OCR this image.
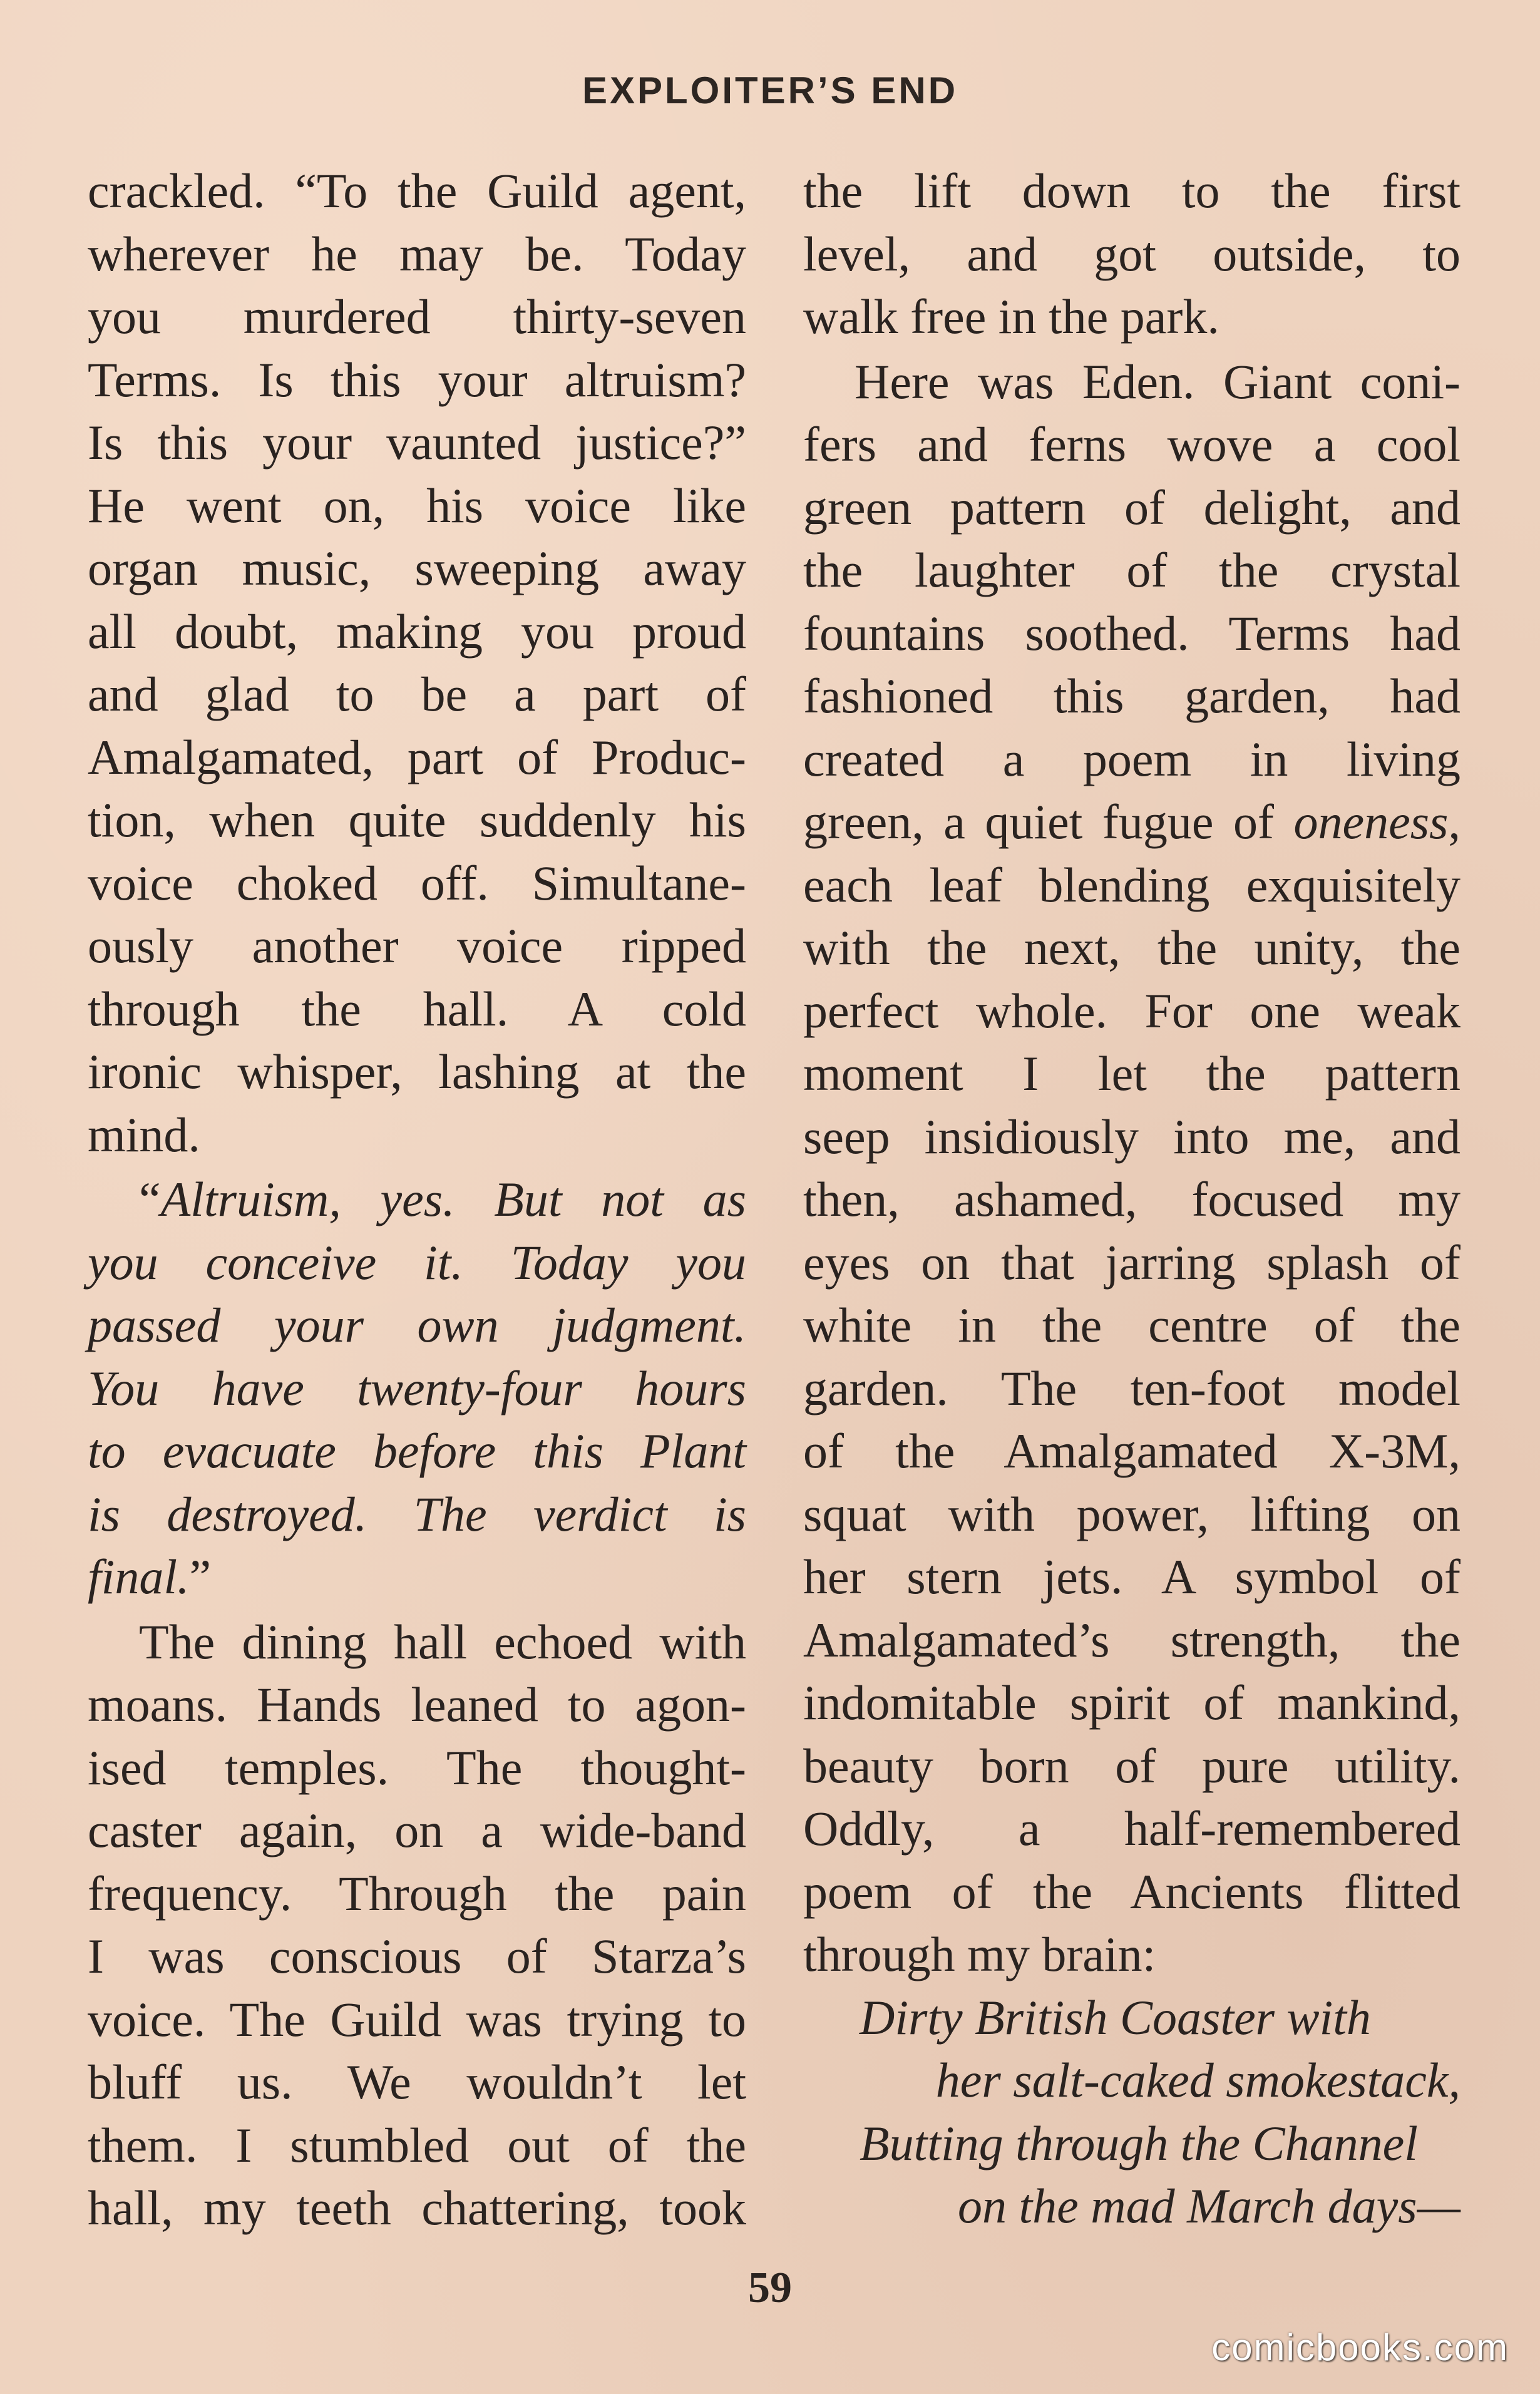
EXPLOITER’S END

crackled. “To the Guild agent,
wherever he may be. Today
you murdered thirty-seven
Terms. Is this your altruism?
Is this your vaunted justice?”
He went on, his voice like
organ music, sweeping away
all doubt, making you proud
and glad to be a part of
Amalgamated, part of Produc-
tion, when quite suddenly his
voice choked off. Simultane-
ously another voice ripped
through the hall. A cold
ironic whisper, lashing at the
mind.

“Altruism, yes. But not as
you conceive it. Today you
passed your own judgment.
You have twenty-four hours
to evacuate before this Plant
is destroyed. The verdict is
final.”

The dining hall echoed with
moans. Hands leaned to agon-
ised temples. The thought-
caster again, on a wide-band
frequency. Through the pain
I was conscious of Starza’s
voice. The Guild was trying to
bluff us. We wouldn’t let
them. I stumbled out of the
hall, my teeth chattering, took

the lift down to the first
level, and got outside, to
walk free in the park.

Here was Eden. Giant coni-
fers and ferns wove a cool
green pattern of delight, and
the laughter of the crystal
fountains soothed. Terms had
fashioned this garden, had
created a poem in living
green, a quiet fugue of oneness,
each leaf blending exquisitely
with the next, the unity, the
perfect whole. For one weak
moment I let the pattern
seep insidiously into me, and
then, ashamed, focused my
eyes on that jarring splash of
white in the centre of the
garden. The ten-foot model
of the Amalgamated X-3M,
squat with power, lifting on
her stern jets. A symbol of
Amalgamated’s strength, the
indomitable spirit of mankind,
beauty born of pure utility.
Oddly, a half-remembered
poem of the Ancients flitted
through my brain:

Dirty British Coaster with
her salt-caked smokestack,
Butting through the Channel
on the mad March days—
59
comicbooks.com
